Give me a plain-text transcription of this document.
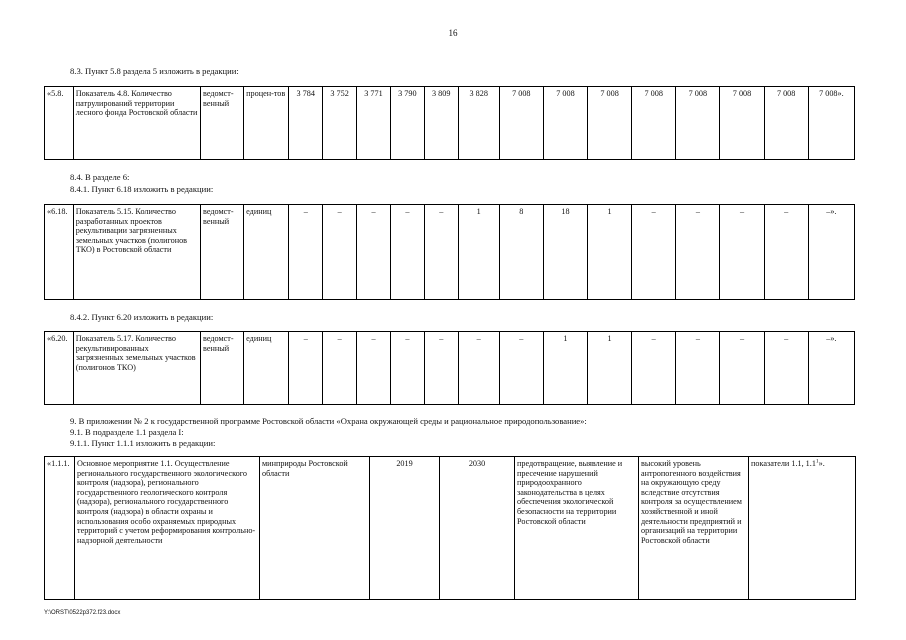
16
8.3. Пункт 5.8 раздела 5 изложить в редакции:
«5.8.	Показатель 4.8. Количество патрулирований территории лесного фонда Ростовской области	ведомст-венный	процен-тов	3 784	3 752	3 771	3 790	3 809	3 828	7 008	7 008	7 008	7 008	7 008	7 008	7 008	7 008».
8.4. В разделе 6:
8.4.1. Пункт 6.18 изложить в редакции:
«6.18.	Показатель 5.15. Количество разработанных проектов рекультивации загрязненных земельных участков (полигонов ТКО) в Ростовской области	ведомст-венный	единиц	–	–	–	–	–	1	8	18	1	–	–	–	–	–».
8.4.2. Пункт 6.20 изложить в редакции:
«6.20.	Показатель 5.17. Количество рекультивированных загрязненных земельных участков (полигонов ТКО)	ведомст-венный	единиц	–	–	–	–	–	–	–	1	1	–	–	–	–	–».
9. В приложении № 2 к государственной программе Ростовской области «Охрана окружающей среды и рациональное природопользование»:
9.1. В подразделе 1.1 раздела I:
9.1.1. Пункт 1.1.1 изложить в редакции:
«1.1.1.	Основное мероприятие 1.1. Осуществление регионального государственного экологического контроля (надзора), регионального государственного геологического контроля (надзора), регионального государственного контроля (надзора) в области охраны и использования особо охраняемых природных территорий с учетом реформирования контрольно-надзорной деятельности	минприроды Ростовской области	2019	2030	предотвращение, выявление и пресечение нарушений природоохранного законодательства в целях обеспечения экологической безопасности на территории Ростовской области	высокий уровень антропогенного воздействия на окружающую среду вследствие отсутствия контроля за осуществлением хозяйственной и иной деятельности предприятий и организаций на территории Ростовской области	показатели 1.1, $1.1^1$».
Y:\ORST\0522p372.f23.docx
